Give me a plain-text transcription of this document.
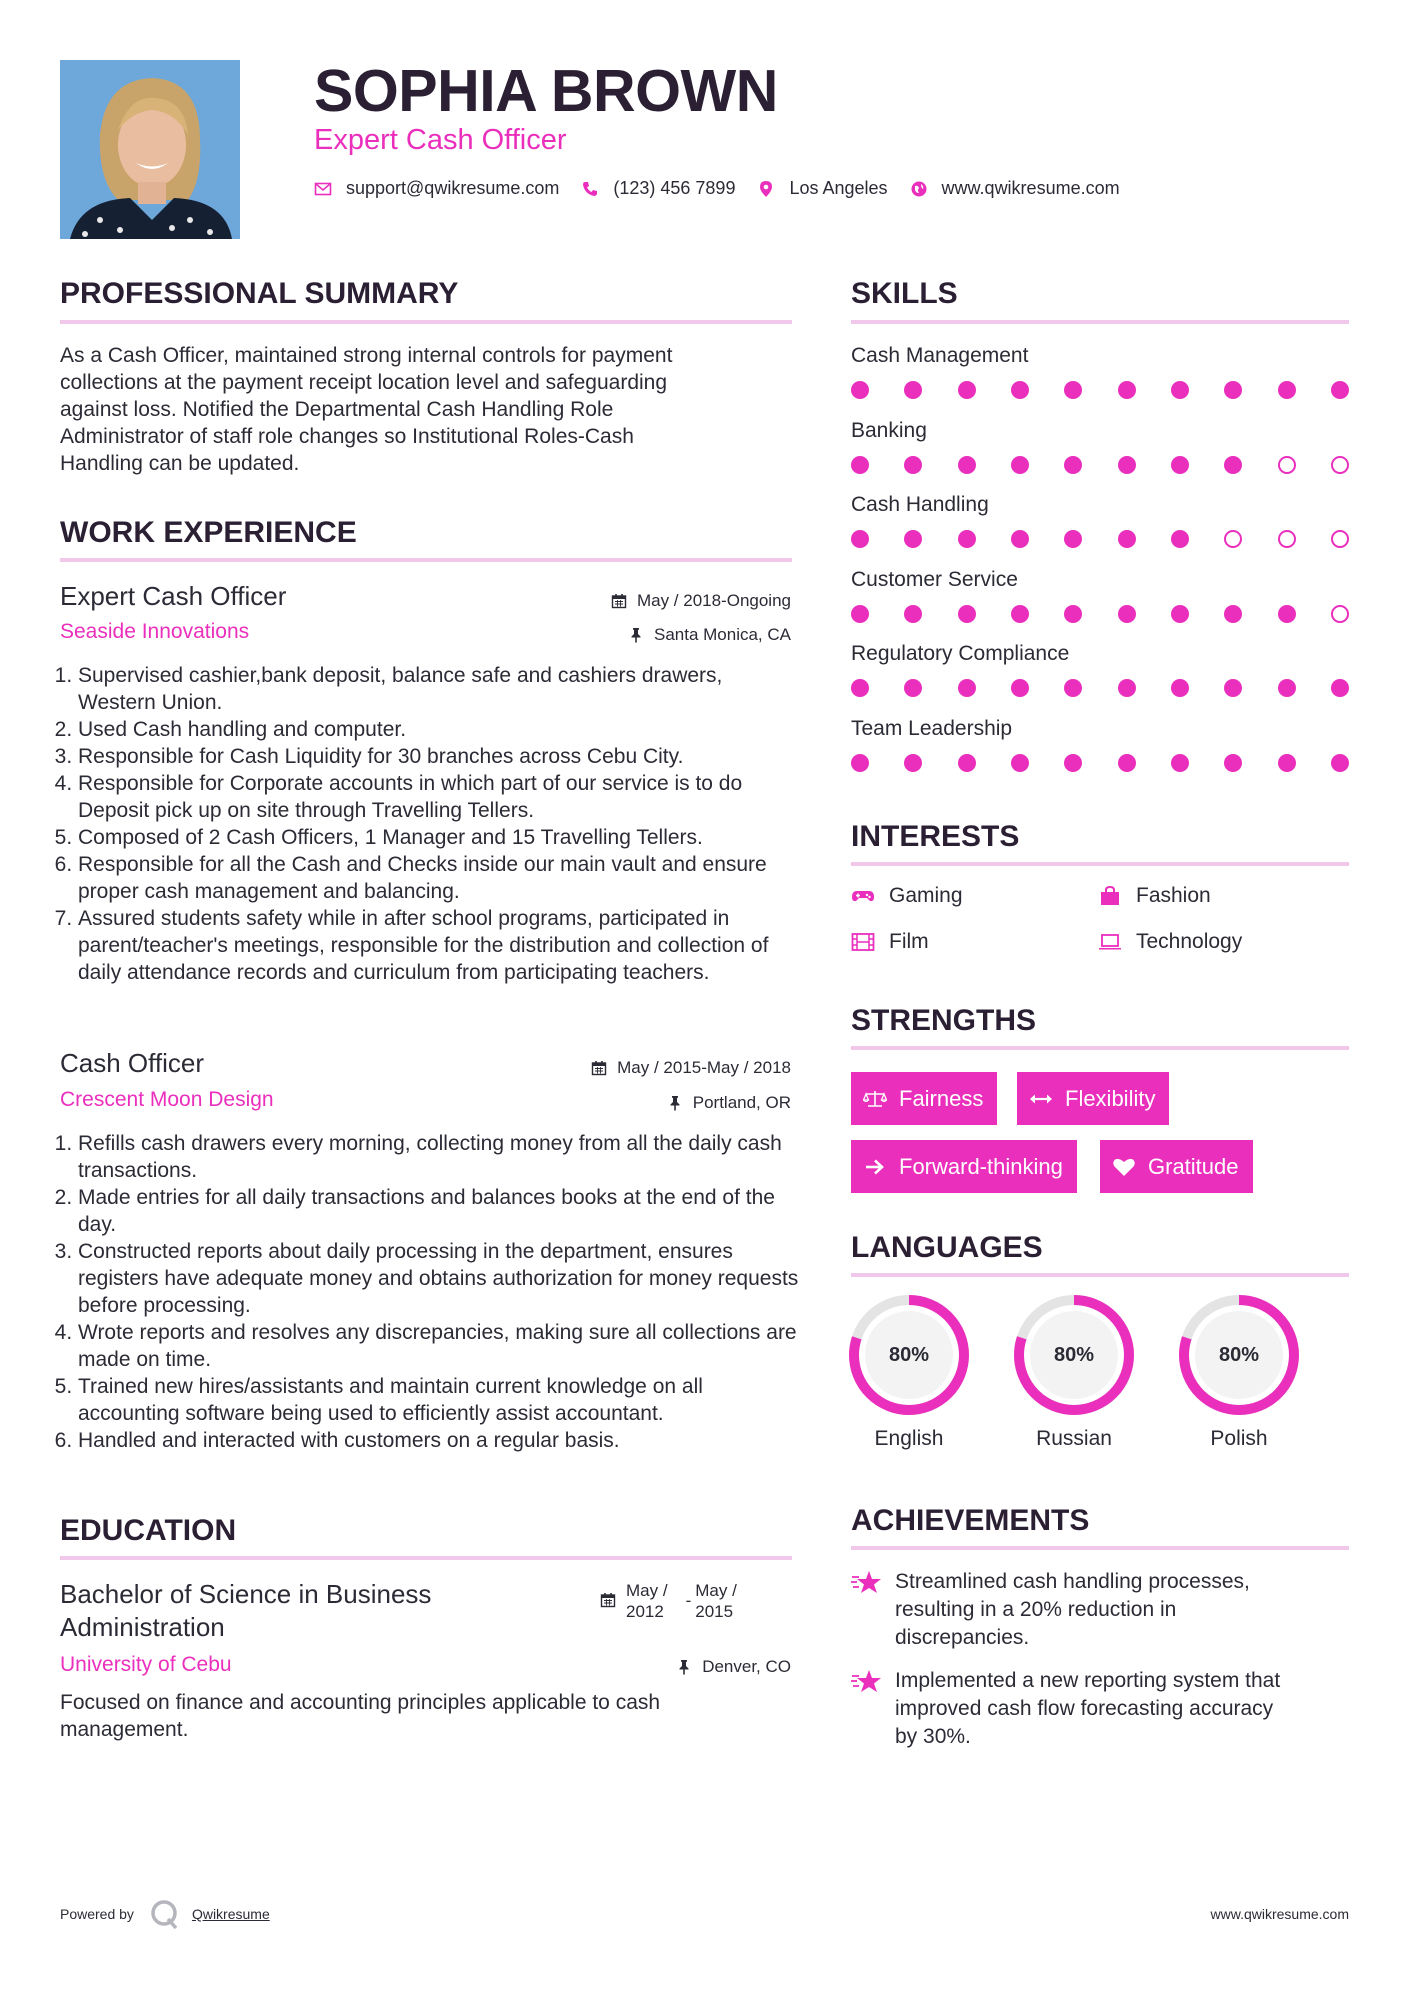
SOPHIA BROWN
Expert Cash Officer
support@qwikresume.com	(123) 456 7899	Los Angeles	www.qwikresume.com
PROFESSIONAL SUMMARY
As a Cash Officer, maintained strong internal controls for payment
collections at the payment receipt location level and safeguarding
against loss. Notified the Departmental Cash Handling Role
Administrator of staff role changes so Institutional Roles-Cash
Handling can be updated.
WORK EXPERIENCE
Expert Cash Officer	May / 2018-Ongoing
Seaside Innovations	Santa Monica, CA
1. Supervised cashier,bank deposit, balance safe and cashiers drawers, Western Union.
2. Used Cash handling and computer.
3. Responsible for Cash Liquidity for 30 branches across Cebu City.
4. Responsible for Corporate accounts in which part of our service is to do Deposit pick up on site through Travelling Tellers.
5. Composed of 2 Cash Officers, 1 Manager and 15 Travelling Tellers.
6. Responsible for all the Cash and Checks inside our main vault and ensure proper cash management and balancing.
7. Assured students safety while in after school programs, participated in parent/teacher's meetings, responsible for the distribution and collection of daily attendance records and curriculum from participating teachers.
Cash Officer	May / 2015-May / 2018
Crescent Moon Design	Portland, OR
1. Refills cash drawers every morning, collecting money from all the daily cash transactions.
2. Made entries for all daily transactions and balances books at the end of the day.
3. Constructed reports about daily processing in the department, ensures registers have adequate money and obtains authorization for money requests before processing.
4. Wrote reports and resolves any discrepancies, making sure all collections are made on time.
5. Trained new hires/assistants and maintain current knowledge on all accounting software being used to efficiently assist accountant.
6. Handled and interacted with customers on a regular basis.
EDUCATION
Bachelor of Science in Business
Administration
May /
2012
-
May /
2015
University of Cebu	Denver, CO
Focused on finance and accounting principles applicable to cash
management.
SKILLS
Cash Management
Banking
Cash Handling
Customer Service
Regulatory Compliance
Team Leadership
INTERESTS
Gaming	Fashion
Film	Technology
STRENGTHS
Fairness	Flexibility
Forward-thinking	Gratitude
LANGUAGES
80%
English
80%
Russian
80%
Polish
ACHIEVEMENTS
Streamlined cash handling processes,
resulting in a 20% reduction in
discrepancies.
Implemented a new reporting system that
improved cash flow forecasting accuracy
by 30%.
Powered by	Qwikresume	www.qwikresume.com
